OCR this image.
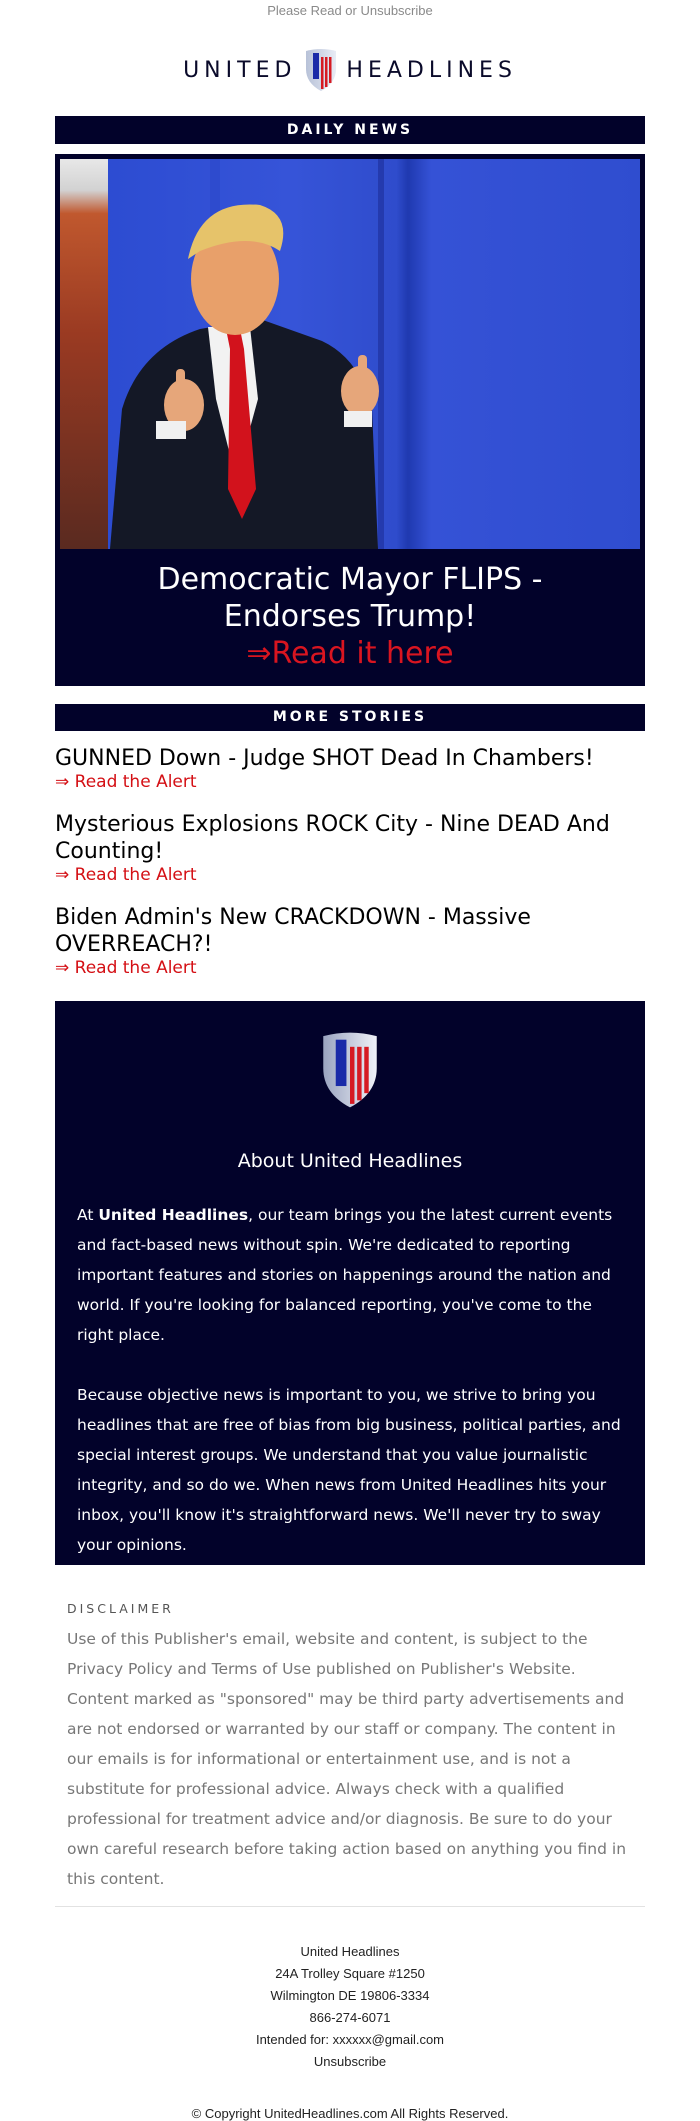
Please Read or Unsubscribe
UNITED HEADLINES
DAILY NEWS
Democratic Mayor FLIPS - Endorses Trump!
⇒Read it here
MORE STORIES
GUNNED Down - Judge SHOT Dead In Chambers!
⇒ Read the Alert
Mysterious Explosions ROCK City - Nine DEAD And Counting!
⇒ Read the Alert
Biden Admin's New CRACKDOWN - Massive OVERREACH?!
⇒ Read the Alert
About United Headlines

At United Headlines, our team brings you the latest current events and fact-based news without spin. We're dedicated to reporting important features and stories on happenings around the nation and world. If you're looking for balanced reporting, you've come to the right place.

Because objective news is important to you, we strive to bring you headlines that are free of bias from big business, political parties, and special interest groups. We understand that you value journalistic integrity, and so do we. When news from United Headlines hits your inbox, you'll know it's straightforward news. We'll never try to sway your opinions.

DISCLAIMER
Use of this Publisher's email, website and content, is subject to the Privacy Policy and Terms of Use published on Publisher's Website. Content marked as "sponsored" may be third party advertisements and are not endorsed or warranted by our staff or company. The content in our emails is for informational or entertainment use, and is not a substitute for professional advice. Always check with a qualified professional for treatment advice and/or diagnosis. Be sure to do your own careful research before taking action based on anything you find in this content.
United Headlines
24A Trolley Square #1250
Wilmington DE 19806-3334
866-274-6071
Intended for: xxxxxx@gmail.com
Unsubscribe
© Copyright UnitedHeadlines.com All Rights Reserved.
